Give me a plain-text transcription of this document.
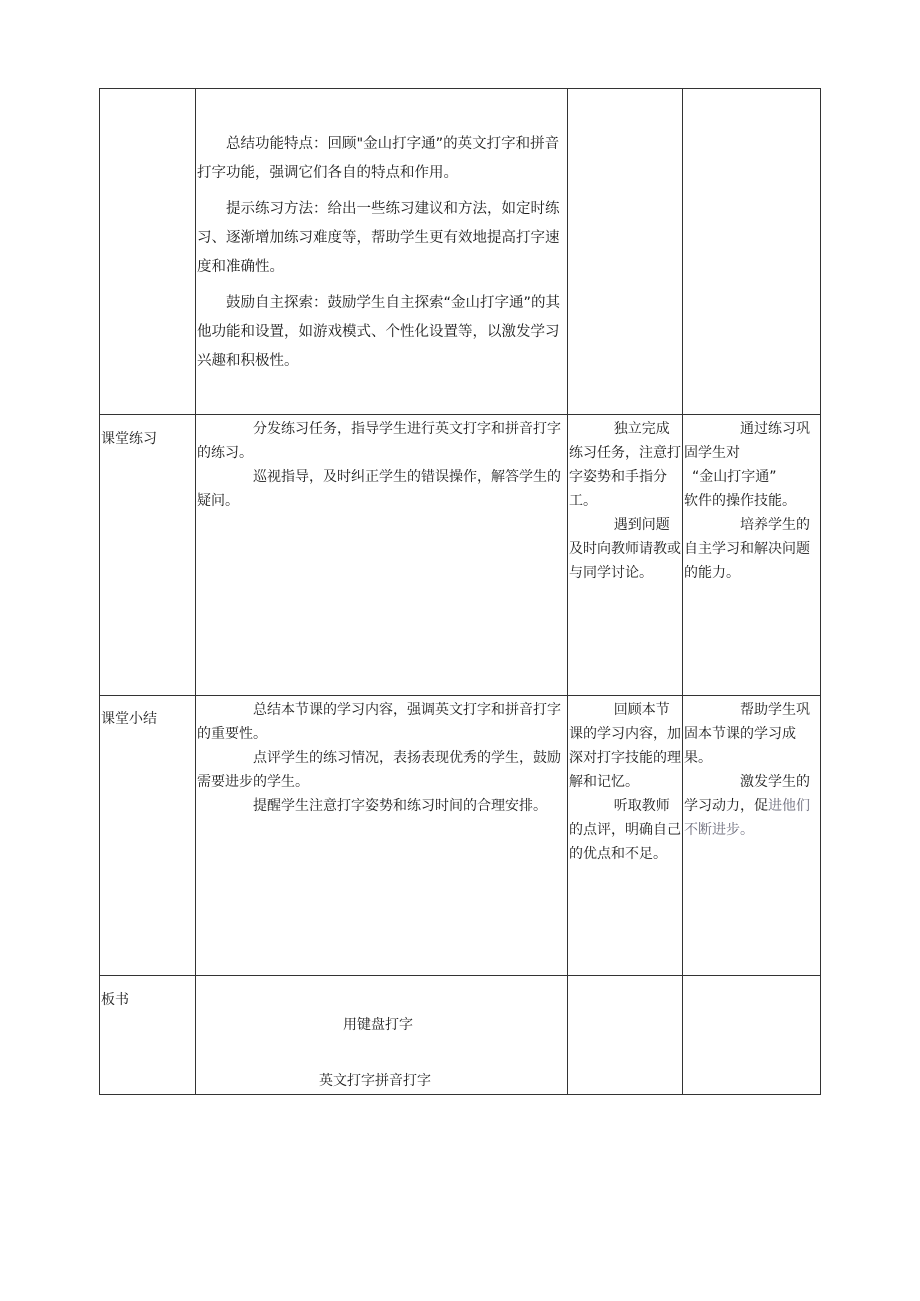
总结功能特点：回顾"金山打字通”的英文打字和拼音打字功能，强调它们各自的特点和作用。

提示练习方法：给出一些练习建议和方法，如定时练习、逐渐增加练习难度等，帮助学生更有效地提高打字速度和准确性。

鼓励自主探索：鼓励学生自主探索“金山打字通”的其他功能和设置，如游戏模式、个性化设置等，以激发学习兴趣和积极性。

课堂练习

分发练习任务，指导学生进行英文打字和拼音打字的练习。

巡视指导，及时纠正学生的错误操作，解答学生的疑问。

独立完成练习任务，注意打字姿势和手指分工。

遇到问题及时向教师请教或与同学讨论。

通过练习巩固学生对

“金山打字通”

软件的操作技能。

培养学生的自主学习和解决问题的能力。

课堂小结

总结本节课的学习内容，强调英文打字和拼音打字的重要性。

点评学生的练习情况，表扬表现优秀的学生，鼓励需要进步的学生。

提醒学生注意打字姿势和练习时间的合理安排。

回顾本节课的学习内容，加深对打字技能的理解和记忆。

听取教师的点评，明确自己的优点和不足。

帮助学生巩固本节课的学习成果。

激发学生的学习动力，促进他们不断进步。

板书
用键盘打字
英文打字拼音打字
